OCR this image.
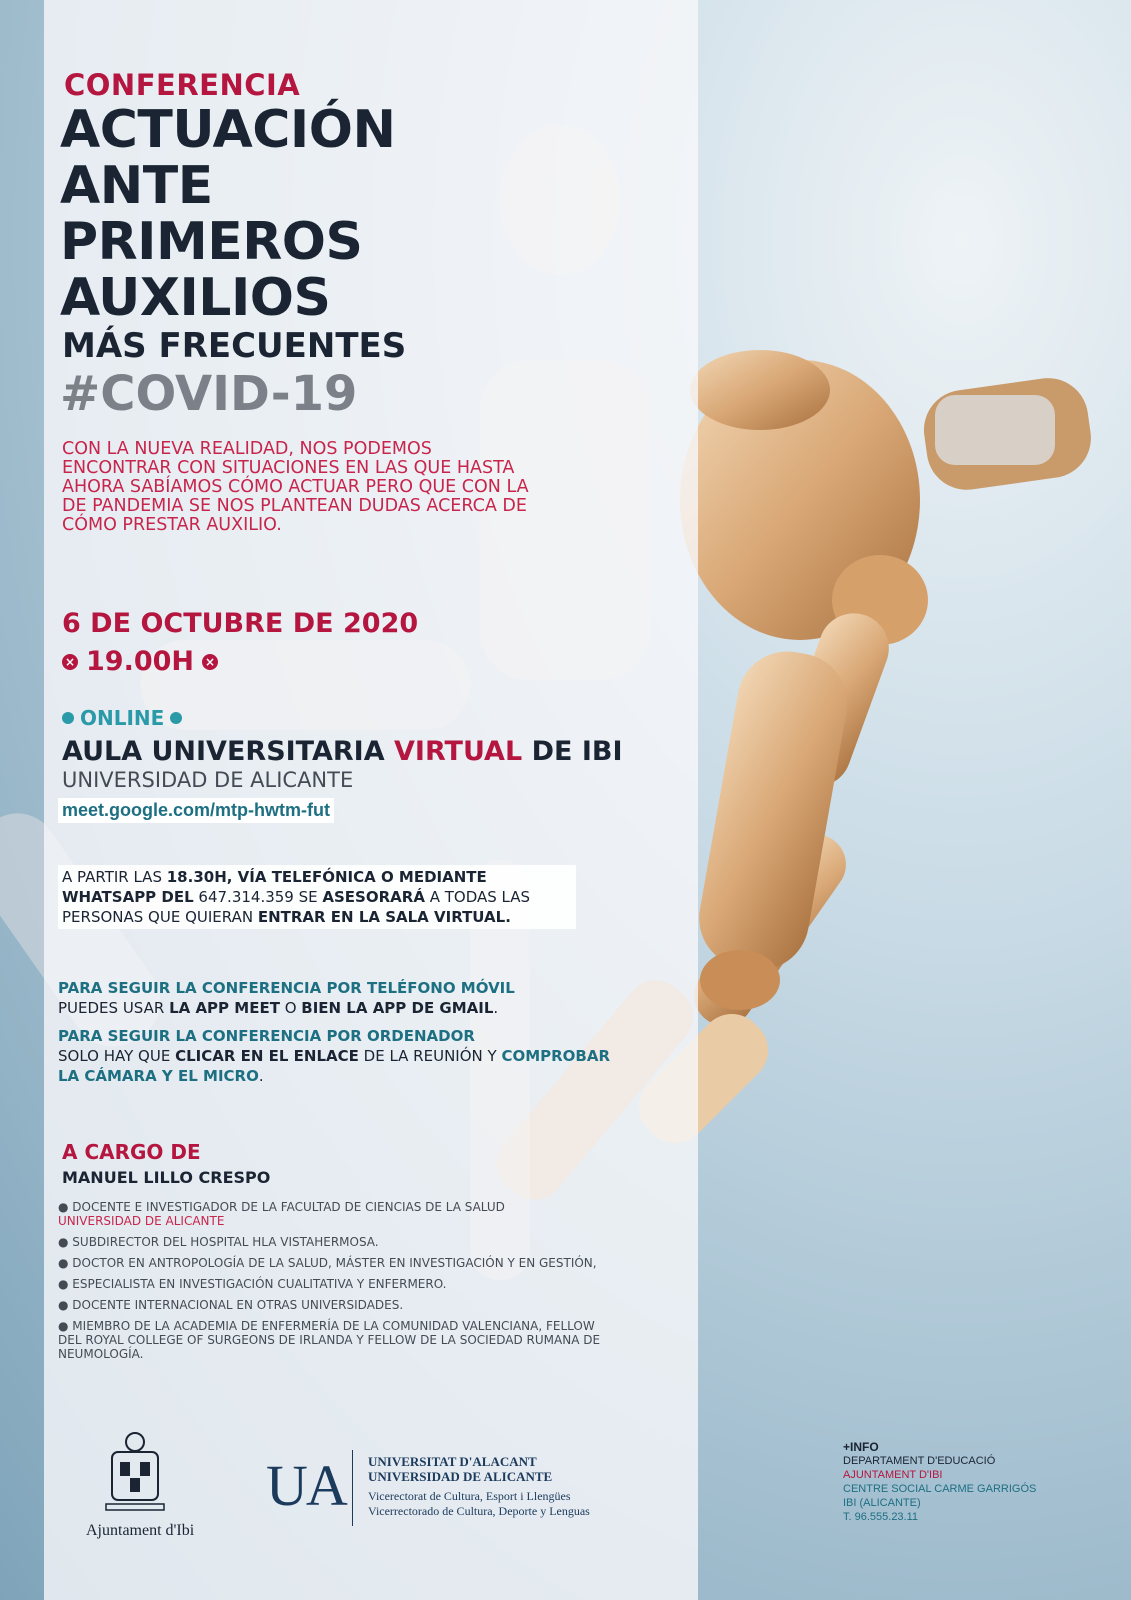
CONFERENCIA
ACTUACIÓN
ANTE
PRIMEROS
AUXILIOS
MÁS FRECUENTES
#COVID-19
CON LA NUEVA REALIDAD, NOS PODEMOS ENCONTRAR CON SITUACIONES EN LAS QUE HASTA AHORA SABÍAMOS CÓMO ACTUAR PERO QUE CON LA DE PANDEMIA SE NOS PLANTEAN DUDAS ACERCA DE CÓMO PRESTAR AUXILIO.
6 DE OCTUBRE DE 2020
× 19.00H ×
ONLINE
AULA UNIVERSITARIA VIRTUAL DE IBI
UNIVERSIDAD DE ALICANTE
meet.google.com/mtp-hwtm-fut
A PARTIR LAS 18.30H, VÍA TELEFÓNICA O MEDIANTE WHATSAPP DEL 647.314.359 SE ASESORARÁ A TODAS LAS PERSONAS QUE QUIERAN ENTRAR EN LA SALA VIRTUAL.
PARA SEGUIR LA CONFERENCIA POR TELÉFONO MÓVIL
PUEDES USAR LA APP MEET O BIEN LA APP DE GMAIL.
PARA SEGUIR LA CONFERENCIA POR ORDENADOR
SOLO HAY QUE CLICAR EN EL ENLACE DE LA REUNIÓN Y COMPROBAR LA CÁMARA Y EL MICRO.
A CARGO DE
MANUEL LILLO CRESPO
● DOCENTE E INVESTIGADOR DE LA FACULTAD DE CIENCIAS DE LA SALUD
UNIVERSIDAD DE ALICANTE
● SUBDIRECTOR DEL HOSPITAL HLA VISTAHERMOSA.
● DOCTOR EN ANTROPOLOGÍA DE LA SALUD, MÁSTER EN INVESTIGACIÓN Y EN GESTIÓN,
● ESPECIALISTA EN INVESTIGACIÓN CUALITATIVA Y ENFERMERO.
● DOCENTE INTERNACIONAL EN OTRAS UNIVERSIDADES.
● MIEMBRO DE LA ACADEMIA DE ENFERMERÍA DE LA COMUNIDAD VALENCIANA, FELLOW DEL ROYAL COLLEGE OF SURGEONS DE IRLANDA Y FELLOW DE LA SOCIEDAD RUMANA DE NEUMOLOGÍA.
Ajuntament d'Ibi
UA UNIVERSITAT D'ALACANT
UNIVERSIDAD DE ALICANTE
Vicerectorat de Cultura, Esport i Llengües
Vicerrectorado de Cultura, Deporte y Lenguas
+INFO
DEPARTAMENT D'EDUCACIÓ
AJUNTAMENT D'IBI
CENTRE SOCIAL CARME GARRIGÓS
IBI (ALICANTE)
T. 96.555.23.11
